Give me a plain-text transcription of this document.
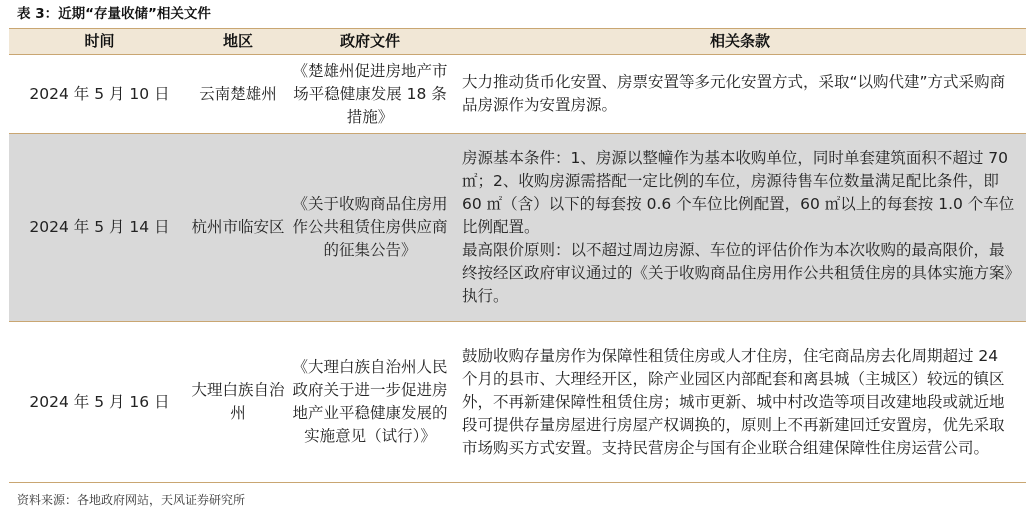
表 3：近期“存量收储”相关文件
时间	地区	政府文件	相关条款
2024 年 5 月 10 日	云南楚雄州	《楚雄州促进房地产市场平稳健康发展 18 条措施》	大力推动货币化安置、房票安置等多元化安置方式，采取“以购代建”方式采购商品房源作为安置房源。

2024 年 5 月 14 日	杭州市临安区	《关于收购商品住房用作公共租赁住房供应商的征集公告》	房源基本条件：1、房源以整幢作为基本收购单位，同时单套建筑面积不超过 70 ㎡；2、收购房源需搭配一定比例的车位，房源待售车位数量满足配比条件，即 60 ㎡（含）以下的每套按 0.6 个车位比例配置，60 ㎡以上的每套按 1.0 个车位比例配置。

最高限价原则：以不超过周边房源、车位的评估价作为本次收购的最高限价，最终按经区政府审议通过的《关于收购商品住房用作公共租赁住房的具体实施方案》执行。

2024 年 5 月 16 日	大理白族自治州	《大理白族自治州人民政府关于进一步促进房地产业平稳健康发展的实施意见（试行）》	鼓励收购存量房作为保障性租赁住房或人才住房，住宅商品房去化周期超过 24 个月的县市、大理经开区，除产业园区内部配套和离县城（主城区）较远的镇区外，不再新建保障性租赁住房；城市更新、城中村改造等项目改建地段或就近地段可提供存量房屋进行房屋产权调换的，原则上不再新建回迁安置房，优先采取市场购买方式安置。支持民营房企与国有企业联合组建保障性住房运营公司。

资料来源：各地政府网站，天风证券研究所
